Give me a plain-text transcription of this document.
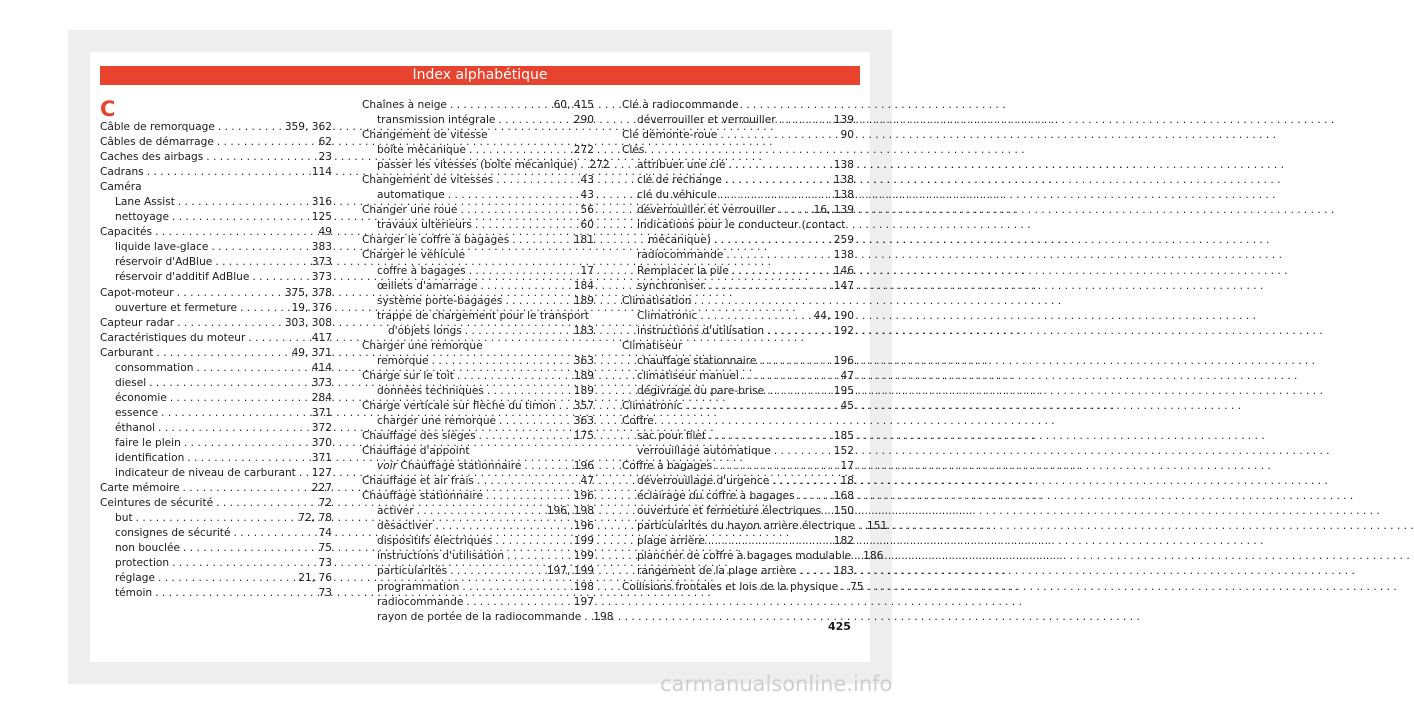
Index alphabétique
C
Câble de remorquage . . .	359, 362
Câbles de démarrage . . .	62
Caches des airbags . . .	23
Cadrans . . .	114
Caméra
Lane Assist . . .	316
nettoyage . . .	125
Capacités . . .	49
liquide lave-glace . . .	383
réservoir d'AdBlue . . .	373
réservoir d'additif AdBlue . . .	373
Capot-moteur . . .	375, 378
ouverture et fermeture . . .	19, 376
Capteur radar . . .	303, 308
Caractéristiques du moteur . . .	417
Carburant . . .	49, 371
consommation . . .	414
diesel . . .	373
économie . . .	284
essence . . .	371
éthanol . . .	372
faire le plein . . .	370
identification . . .	371
indicateur de niveau de carburant . . . 127
Carte mémoire . . .	227
Ceintures de sécurité . . .	72
but . . .	72, 78
consignes de sécurité . . .	74
non bouclée . . .	75
protection . . .	73
réglage . . .	21, 76
témoin . . .	73
Chaînes à neige . . .	60, 415
transmission intégrale . . .	290
Changement de vitesse
boîte mécanique . . .	272
passer les vitesses (boîte mécanique) . . . 272
Changement de vitesses . . .	43
automatique . . .	43
Changer une roue . . .	56
travaux ultérieurs . . .	60
Charger le coffre à bagages . . .	181
Charger le véhicule
coffre à bagages . . .	17
œillets d'amarrage . . .	184
système porte-bagages . . .	189
trappe de chargement pour le transport
d'objets longs . . .	183
Charger une remorque
remorque . . .	363
Charge sur le toit . . .	189
données techniques . . .	189
Charge verticale sur flèche du timon . . . 357
charger une remorque . . .	363
Chauffage des sièges . . .	175
Chauffage d'appoint
voir Chauffage stationnaire . . .	196
Chauffage et air frais . . .	47
Chauffage stationnaire . . .	196
activer . . .	196, 198
désactiver . . .	196
dispositifs électriques . . .	199
instructions d'utilisation . . .	199
particularités . . .	197, 199
programmation . . .	198
radiocommande . . .	197
rayon de portée de la radiocommande . . . 198
Clé à radiocommande
déverrouiller et verrouiller . . .	139
Clé démonte-roue . . .	90
Clés
attribuer une clé . . .	138
clé de rechange . . .	138
clé du véhicule . . .	138
déverrouiller et verrouiller . . .	16, 139
indications pour le conducteur (contact
mécanique) . . .	259
radiocommande . . .	138
Remplacer la pile . . .	146
synchroniser . . .	147
Climatisation
Climatronic . . .	44, 190
instructions d'utilisation . . .	192
Climatiseur
chauffage stationnaire . . .	196
climatiseur manuel . . .	47
dégivrage du pare-brise . . .	195
Climatronic . . .	45
Coffre
sac pour filet . . .	185
verrouillage automatique . . .	152
Coffre à bagages . . .	17
déverrouillage d'urgence . . .	18
éclairage du coffre à bagages . . .	168
ouverture et fermeture électriques . . . 150
particularités du hayon arrière électrique . . . 151
plage arrière . . .	182
plancher de coffre à bagages modulable . . . 186
rangement de la plage arrière . . .	183
Collisions frontales et lois de la physique . . . 75
425
carmanualsonline.info
